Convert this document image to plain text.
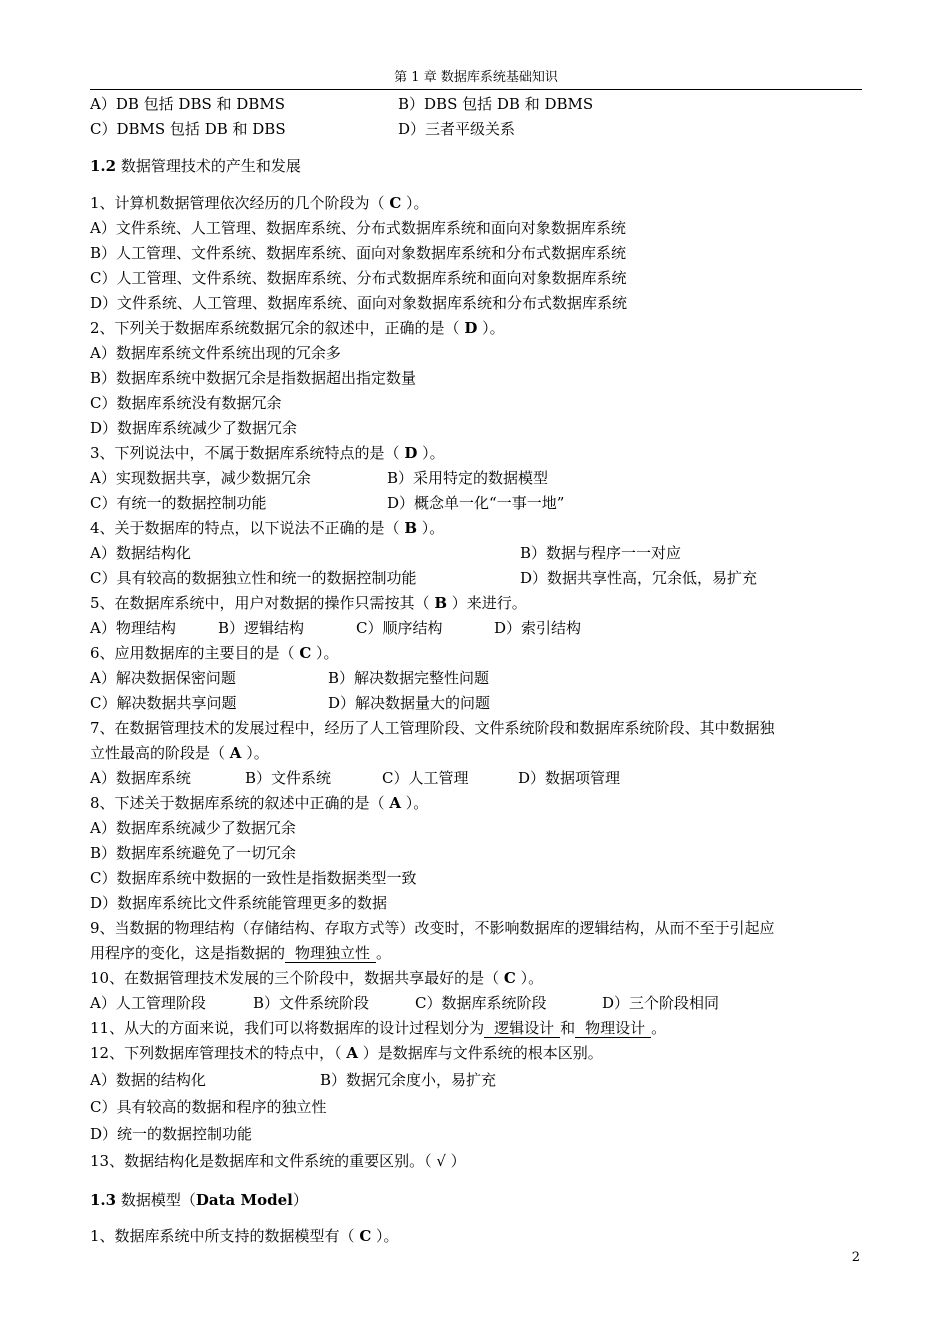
第 1 章 数据库系统基础知识
A）DB 包括 DBS 和 DBMS	B）DBS 包括 DB 和 DBMS
C）DBMS 包括 DB 和 DBS	D）三者平级关系
1.2 数据管理技术的产生和发展
1、计算机数据管理依次经历的几个阶段为（ C ）。
A）文件系统、人工管理、数据库系统、分布式数据库系统和面向对象数据库系统
B）人工管理、文件系统、数据库系统、面向对象数据库系统和分布式数据库系统
C）人工管理、文件系统、数据库系统、分布式数据库系统和面向对象数据库系统
D）文件系统、人工管理、数据库系统、面向对象数据库系统和分布式数据库系统
2、下列关于数据库系统数据冗余的叙述中，正确的是（ D ）。
A）数据库系统文件系统出现的冗余多
B）数据库系统中数据冗余是指数据超出指定数量
C）数据库系统没有数据冗余
D）数据库系统减少了数据冗余
3、下列说法中，不属于数据库系统特点的是（ D ）。
A）实现数据共享，减少数据冗余	B）采用特定的数据模型
C）有统一的数据控制功能	D）概念单一化“一事一地”
4、关于数据库的特点，以下说法不正确的是（ B ）。
A）数据结构化	B）数据与程序一一对应
C）具有较高的数据独立性和统一的数据控制功能	D）数据共享性高，冗余低，易扩充
5、在数据库系统中，用户对数据的操作只需按其（ B ）来进行。
A）物理结构	B）逻辑结构	C）顺序结构	D）索引结构
6、应用数据库的主要目的是（ C ）。
A）解决数据保密问题	B）解决数据完整性问题
C）解决数据共享问题	D）解决数据量大的问题
7、在数据管理技术的发展过程中，经历了人工管理阶段、文件系统阶段和数据库系统阶段、其中数据独
立性最高的阶段是（ A ）。
A）数据库系统	B）文件系统	C）人工管理	D）数据项管理
8、下述关于数据库系统的叙述中正确的是（ A ）。
A）数据库系统减少了数据冗余
B）数据库系统避免了一切冗余
C）数据库系统中数据的一致性是指数据类型一致
D）数据库系统比文件系统能管理更多的数据
9、当数据的物理结构（存储结构、存取方式等）改变时，不影响数据库的逻辑结构，从而不至于引起应
用程序的变化，这是指数据的 物理独立性 。
10、在数据管理技术发展的三个阶段中，数据共享最好的是（ C ）。
A）人工管理阶段	B）文件系统阶段	C）数据库系统阶段	D）三个阶段相同
11、从大的方面来说，我们可以将数据库的设计过程划分为 逻辑设计 和 物理设计 。
12、下列数据库管理技术的特点中，（ A ）是数据库与文件系统的根本区别。
A）数据的结构化	B）数据冗余度小，易扩充
C）具有较高的数据和程序的独立性
D）统一的数据控制功能
13、数据结构化是数据库和文件系统的重要区别。（ √ ）
1.3 数据模型（Data Model）
1、数据库系统中所支持的数据模型有（ C ）。
2
